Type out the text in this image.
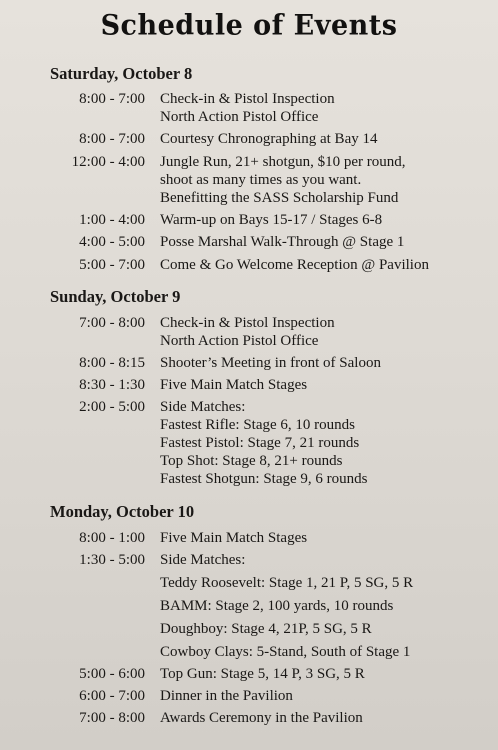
Schedule of Events
Saturday, October 8
8:00 - 7:00 Check-in & Pistol Inspection
North Action Pistol Office
8:00 - 7:00 Courtesy Chronographing at Bay 14
12:00 - 4:00 Jungle Run, 21+ shotgun, $10 per round,
shoot as many times as you want.
Benefitting the SASS Scholarship Fund
1:00 - 4:00 Warm-up on Bays 15-17 / Stages 6-8
4:00 - 5:00 Posse Marshal Walk-Through @ Stage 1
5:00 - 7:00 Come & Go Welcome Reception @ Pavilion
Sunday, October 9
7:00 - 8:00 Check-in & Pistol Inspection
North Action Pistol Office
8:00 - 8:15 Shooter’s Meeting in front of Saloon
8:30 - 1:30 Five Main Match Stages
2:00 - 5:00 Side Matches:
Fastest Rifle: Stage 6, 10 rounds
Fastest Pistol: Stage 7, 21 rounds
Top Shot: Stage 8, 21+ rounds
Fastest Shotgun: Stage 9, 6 rounds
Monday, October 10
8:00 - 1:00 Five Main Match Stages
1:30 - 5:00 Side Matches:
Teddy Roosevelt: Stage 1, 21 P, 5 SG, 5 R
BAMM: Stage 2, 100 yards, 10 rounds
Doughboy: Stage 4, 21P, 5 SG, 5 R
Cowboy Clays: 5-Stand, South of Stage 1
5:00 - 6:00 Top Gun: Stage 5, 14 P, 3 SG, 5 R
6:00 - 7:00 Dinner in the Pavilion
7:00 - 8:00 Awards Ceremony in the Pavilion
